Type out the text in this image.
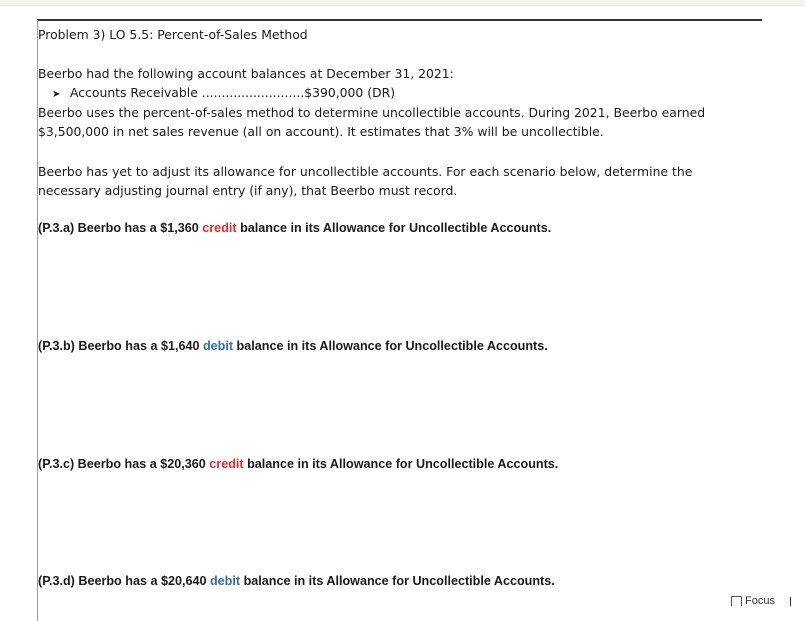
Problem 3) LO 5.5: Percent-of-Sales Method
Beerbo had the following account balances at December 31, 2021:
➤ Accounts Receivable ..........................$390,000 (DR)
Beerbo uses the percent-of-sales method to determine uncollectible accounts. During 2021, Beerbo earned
$3,500,000 in net sales revenue (all on account). It estimates that 3% will be uncollectible.
Beerbo has yet to adjust its allowance for uncollectible accounts. For each scenario below, determine the
necessary adjusting journal entry (if any), that Beerbo must record.
(P.3.a) Beerbo has a $1,360 credit balance in its Allowance for Uncollectible Accounts.
(P.3.b) Beerbo has a $1,640 debit balance in its Allowance for Uncollectible Accounts.
(P.3.c) Beerbo has a $20,360 credit balance in its Allowance for Uncollectible Accounts.
(P.3.d) Beerbo has a $20,640 debit balance in its Allowance for Uncollectible Accounts.
Focus
